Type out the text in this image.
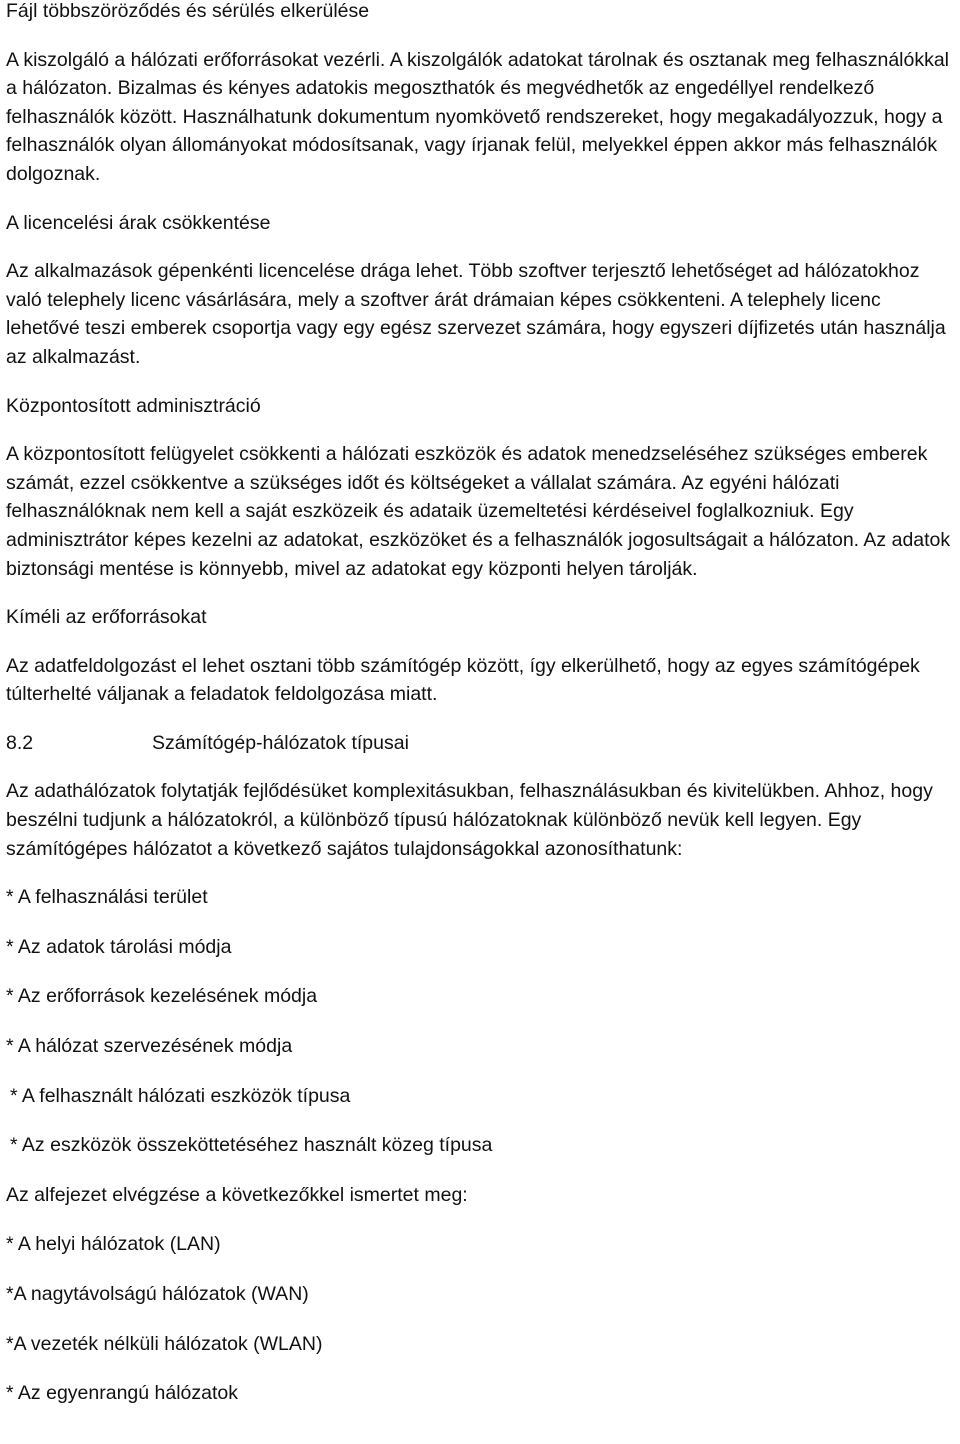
Fájl többszöröződés és sérülés elkerülése

A kiszolgáló a hálózati erőforrásokat vezérli. A kiszolgálók adatokat tárolnak és osztanak meg felhasználókkal a hálózaton. Bizalmas és kényes adatokis megoszthatók és megvédhetők az engedéllyel rendelkező felhasználók között. Használhatunk dokumentum nyomkövető rendszereket, hogy megakadályozzuk, hogy a felhasználók olyan állományokat módosítsanak, vagy írjanak felül, melyekkel éppen akkor más felhasználók dolgoznak.

A licencelési árak csökkentése

Az alkalmazások gépenkénti licencelése drága lehet. Több szoftver terjesztő lehetőséget ad hálózatokhoz való telephely licenc vásárlására, mely a szoftver árát drámaian képes csökkenteni. A telephely licenc lehetővé teszi emberek csoportja vagy egy egész szervezet számára, hogy egyszeri díjfizetés után használja az alkalmazást.

Központosított adminisztráció

A központosított felügyelet csökkenti a hálózati eszközök és adatok menedzseléséhez szükséges emberek számát, ezzel csökkentve a szükséges időt és költségeket a vállalat számára. Az egyéni hálózati felhasználóknak nem kell a saját eszközeik és adataik üzemeltetési kérdéseivel foglalkozniuk. Egy adminisztrátor képes kezelni az adatokat, eszközöket és a felhasználók jogosultságait a hálózaton. Az adatok biztonsági mentése is könnyebb, mivel az adatokat egy központi helyen tárolják.

Kíméli az erőforrásokat

Az adatfeldolgozást el lehet osztani több számítógép között, így elkerülhető, hogy az egyes számítógépek túlterhelté váljanak a feladatok feldolgozása miatt.

8.2	Számítógép-hálózatok típusai

Az adathálózatok folytatják fejlődésüket komplexitásukban, felhasználásukban és kivitelükben. Ahhoz, hogy beszélni tudjunk a hálózatokról, a különböző típusú hálózatoknak különböző nevük kell legyen. Egy számítógépes hálózatot a következő sajátos tulajdonságokkal azonosíthatunk:

* A felhasználási terület

* Az adatok tárolási módja

* Az erőforrások kezelésének módja

* A hálózat szervezésének módja

* A felhasznált hálózati eszközök típusa

* Az eszközök összeköttetéséhez használt közeg típusa

Az alfejezet elvégzése a következőkkel ismertet meg:

* A helyi hálózatok (LAN)

*A nagytávolságú hálózatok (WAN)

*A vezeték nélküli hálózatok (WLAN)

* Az egyenrangú hálózatok
